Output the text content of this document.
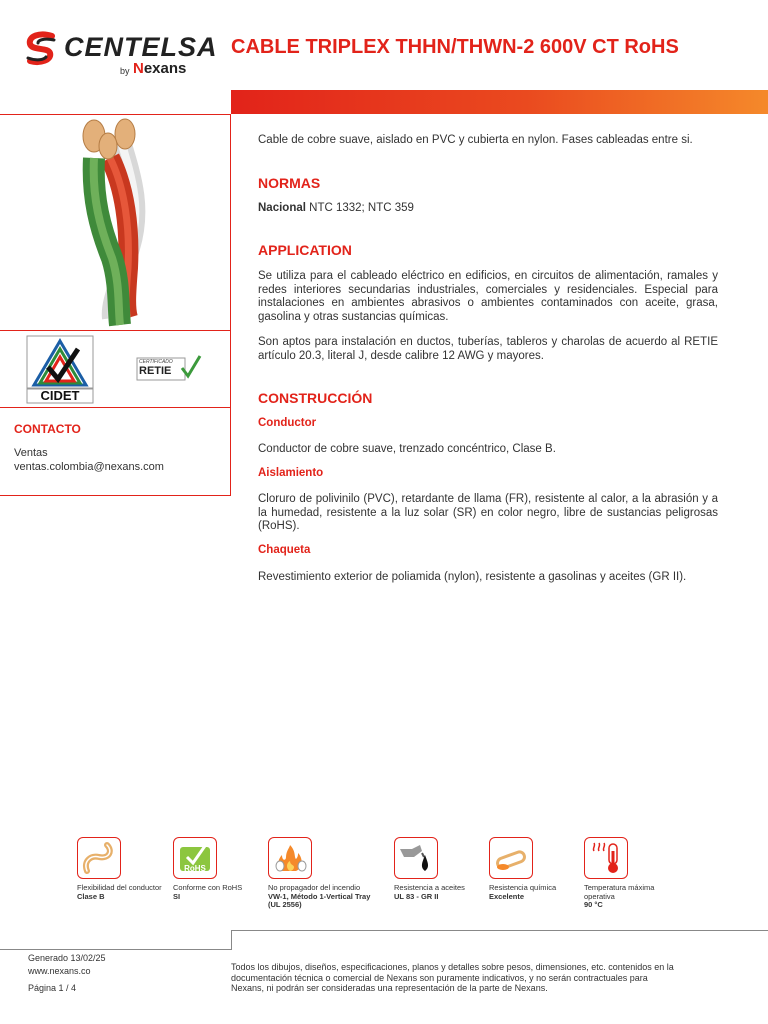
CENTELSA
by Nexans
CABLE TRIPLEX THHN/THWN-2 600V CT RoHS
CIDET
CERTIFICADO
RETIE
CONTACTO
Ventas
ventas.colombia@nexans.com
Cable de cobre suave, aislado en PVC y cubierta en nylon. Fases cableadas entre si.
NORMAS
Nacional NTC 1332; NTC 359
APPLICATION
Se utiliza para el cableado eléctrico en edificios, en circuitos de alimentación, ramales y redes interiores secundarias industriales, comerciales y residenciales. Especial para instalaciones en ambientes abrasivos o ambientes contaminados con aceite, grasa, gasolina y otras sustancias químicas.
Son aptos para instalación en ductos, tuberías, tableros y charolas de acuerdo al RETIE artículo 20.3, literal J, desde calibre 12 AWG y mayores.
CONSTRUCCIÓN
Conductor
Conductor de cobre suave, trenzado concéntrico, Clase B.
Aislamiento
Cloruro de polivinilo (PVC), retardante de llama (FR), resistente al calor, a la abrasión y a la humedad, resistente a la luz solar (SR) en color negro, libre de sustancias peligrosas (RoHS).
Chaqueta
Revestimiento exterior de poliamida (nylon), resistente a gasolinas y aceites (GR II).
Flexibilidad del conductor
Clase B
RoHS
Conforme con RoHS
SI
No propagador del incendio
VW-1, Método 1-Vertical Tray (UL 2556)
Resistencia a aceites
UL 83 - GR II
Resistencia química
Excelente
Temperatura máxima operativa
90 °C
Generado 13/02/25
www.nexans.co
Página 1 / 4
Todos los dibujos, diseños, especificaciones, planos y detalles sobre pesos, dimensiones, etc. contenidos en la documentación técnica o comercial de Nexans son puramente indicativos, y no serán contractuales para Nexans, ni podrán ser consideradas una representación de la parte de Nexans.
